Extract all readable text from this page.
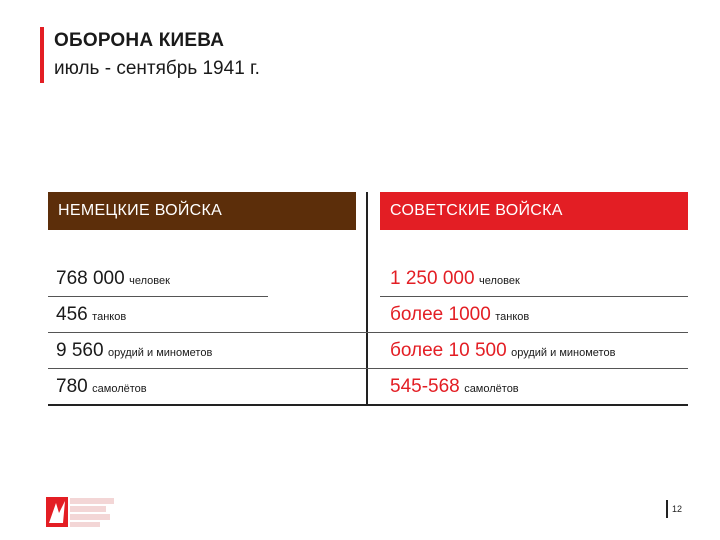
ОБОРОНА КИЕВА
июль - сентябрь 1941 г.
НЕМЕЦКИЕ ВОЙСКА	СОВЕТСКИЕ ВОЙСКА
768 000 человек	1 250 000 человек
456 танков	более 1000 танков
9 560 орудий и минометов	более 10 500 орудий и минометов
780 самолётов	545-568 самолётов
12
